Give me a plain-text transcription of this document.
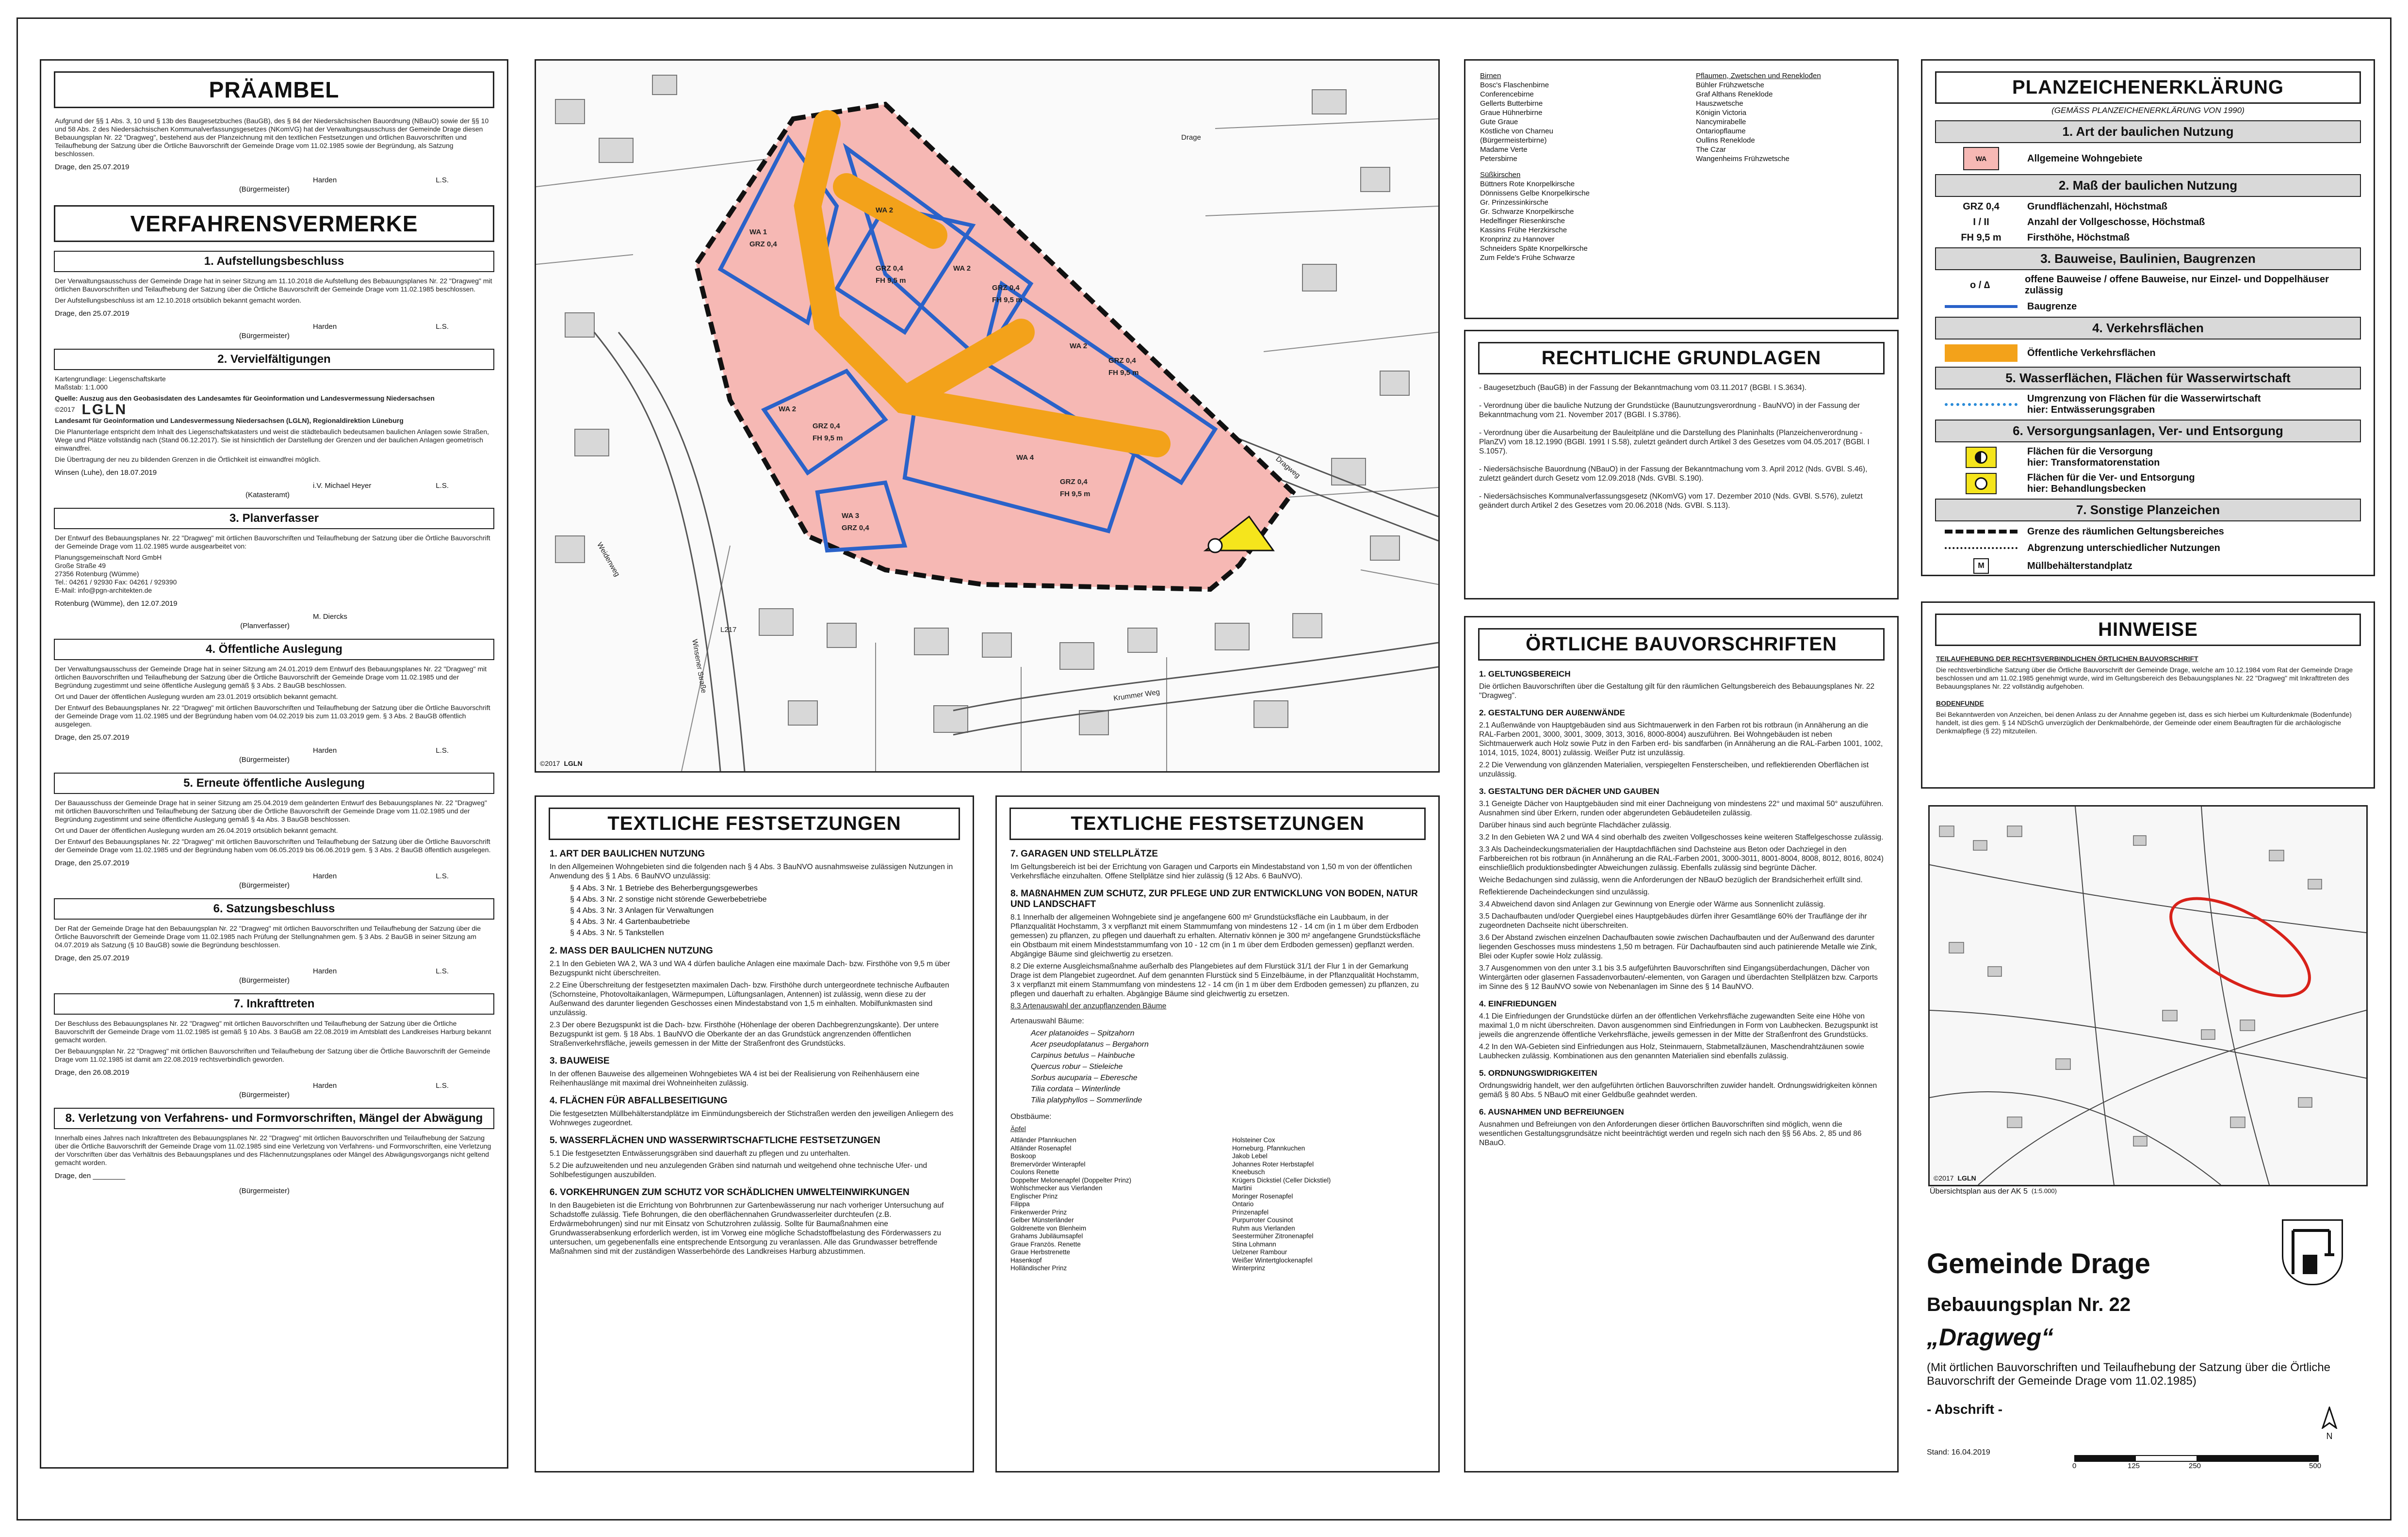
PRÄAMBEL
Aufgrund der §§ 1 Abs. 3, 10 und § 13b des Baugesetzbuches (BauGB), des § 84 der Niedersächsischen Bauordnung (NBauO) sowie der §§ 10 und 58 Abs. 2 des Niedersächsischen Kommunalverfassungsgesetzes (NKomVG) hat der Verwaltungsausschuss der Gemeinde Drage diesen Bebauungsplan Nr. 22 "Dragweg", bestehend aus der Planzeichnung mit den textlichen Festsetzungen und örtlichen Bauvorschriften und Teilaufhebung der Satzung über die Örtliche Bauvorschrift der Gemeinde Drage vom 11.02.1985 sowie der Begründung, als Satzung beschlossen.
Drage, den 25.07.2019
Harden	L.S.
(Bürgermeister)
VERFAHRENSVERMERKE
1. Aufstellungsbeschluss
Der Verwaltungsausschuss der Gemeinde Drage hat in seiner Sitzung am 11.10.2018 die Aufstellung des Bebauungsplanes Nr. 22 "Dragweg" mit örtlichen Bauvorschriften und Teilaufhebung der Satzung über die Örtliche Bauvorschrift der Gemeinde Drage vom 11.02.1985 beschlossen.
Der Aufstellungsbeschluss ist am 12.10.2018 ortsüblich bekannt gemacht worden.
Drage, den 25.07.2019
Harden	L.S.
(Bürgermeister)
2. Vervielfältigungen
Kartengrundlage: Liegenschaftskarte
Maßstab: 1:1.000
Quelle: Auszug aus den Geobasisdaten des Landesamtes für Geoinformation und Landesvermessung Niedersachsen
©2017 LGLN
Landesamt für Geoinformation und Landesvermessung Niedersachsen (LGLN), Regionaldirektion Lüneburg
Die Planunterlage entspricht dem Inhalt des Liegenschaftskatasters und weist die städtebaulich bedeutsamen baulichen Anlagen sowie Straßen, Wege und Plätze vollständig nach (Stand 06.12.2017). Sie ist hinsichtlich der Darstellung der Grenzen und der baulichen Anlagen geometrisch einwandfrei.
Die Übertragung der neu zu bildenden Grenzen in die Örtlichkeit ist einwandfrei möglich.
Winsen (Luhe), den 18.07.2019
i.V. Michael Heyer	L.S.
(Katasteramt)
3. Planverfasser
Der Entwurf des Bebauungsplanes Nr. 22 "Dragweg" mit örtlichen Bauvorschriften und Teilaufhebung der Satzung über die Örtliche Bauvorschrift der Gemeinde Drage vom 11.02.1985 wurde ausgearbeitet von:
Planungsgemeinschaft Nord GmbH
Große Straße 49
27356 Rotenburg (Wümme)
Tel.: 04261 / 92930 Fax: 04261 / 929390
E-Mail: info@pgn-architekten.de
Rotenburg (Wümme), den 12.07.2019
M. Diercks
(Planverfasser)
4. Öffentliche Auslegung
Der Verwaltungsausschuss der Gemeinde Drage hat in seiner Sitzung am 24.01.2019 dem Entwurf des Bebauungsplanes Nr. 22 "Dragweg" mit örtlichen Bauvorschriften und Teilaufhebung der Satzung über die Örtliche Bauvorschrift der Gemeinde Drage vom 11.02.1985 und der Begründung zugestimmt und seine öffentliche Auslegung gemäß § 3 Abs. 2 BauGB beschlossen.
Ort und Dauer der öffentlichen Auslegung wurden am 23.01.2019 ortsüblich bekannt gemacht.
Der Entwurf des Bebauungsplanes Nr. 22 "Dragweg" mit örtlichen Bauvorschriften und Teilaufhebung der Satzung über die Örtliche Bauvorschrift der Gemeinde Drage vom 11.02.1985 und der Begründung haben vom 04.02.2019 bis zum 11.03.2019 gem. § 3 Abs. 2 BauGB öffentlich ausgelegen.
Drage, den 25.07.2019
Harden	L.S.
(Bürgermeister)
5. Erneute öffentliche Auslegung
Der Bauausschuss der Gemeinde Drage hat in seiner Sitzung am 25.04.2019 dem geänderten Entwurf des Bebauungsplanes Nr. 22 "Dragweg" mit örtlichen Bauvorschriften und Teilaufhebung der Satzung über die Örtliche Bauvorschrift der Gemeinde Drage vom 11.02.1985 und der Begründung zugestimmt und seine öffentliche Auslegung gemäß § 4a Abs. 3 BauGB beschlossen.
Ort und Dauer der öffentlichen Auslegung wurden am 26.04.2019 ortsüblich bekannt gemacht.
Der Entwurf des Bebauungsplanes Nr. 22 "Dragweg" mit örtlichen Bauvorschriften und Teilaufhebung der Satzung über die Örtliche Bauvorschrift der Gemeinde Drage vom 11.02.1985 und der Begründung haben vom 06.05.2019 bis 06.06.2019 gem. § 3 Abs. 2 BauGB öffentlich ausgelegen.
Drage, den 25.07.2019
Harden	L.S.
(Bürgermeister)
6. Satzungsbeschluss
Der Rat der Gemeinde Drage hat den Bebauungsplan Nr. 22 "Dragweg" mit örtlichen Bauvorschriften und Teilaufhebung der Satzung über die Örtliche Bauvorschrift der Gemeinde Drage vom 11.02.1985 nach Prüfung der Stellungnahmen gem. § 3 Abs. 2 BauGB in seiner Sitzung am 04.07.2019 als Satzung (§ 10 BauGB) sowie die Begründung beschlossen.
Drage, den 25.07.2019
Harden	L.S.
(Bürgermeister)
7. Inkrafttreten
Der Beschluss des Bebauungsplanes Nr. 22 "Dragweg" mit örtlichen Bauvorschriften und Teilaufhebung der Satzung über die Örtliche Bauvorschrift der Gemeinde Drage vom 11.02.1985 ist gemäß § 10 Abs. 3 BauGB am 22.08.2019 im Amtsblatt des Landkreises Harburg bekannt gemacht worden.
Der Bebauungsplan Nr. 22 "Dragweg" mit örtlichen Bauvorschriften und Teilaufhebung der Satzung über die Örtliche Bauvorschrift der Gemeinde Drage vom 11.02.1985 ist damit am 22.08.2019 rechtsverbindlich geworden.
Drage, den 26.08.2019
Harden	L.S.
(Bürgermeister)
8. Verletzung von Verfahrens- und Formvorschriften, Mängel der Abwägung
Innerhalb eines Jahres nach Inkrafttreten des Bebauungsplanes Nr. 22 "Dragweg" mit örtlichen Bauvorschriften und Teilaufhebung der Satzung über die Örtliche Bauvorschrift der Gemeinde Drage vom 11.02.1985 sind eine Verletzung von Verfahrens- und Formvorschriften, eine Verletzung der Vorschriften über das Verhältnis des Bebauungsplanes und des Flächennutzungsplanes oder Mängel des Abwägungsvorgangs nicht geltend gemacht worden.
Drage, den ________
(Bürgermeister)
Drage
Dragweg
Winsener Straße
Krummer Weg
L217
Weidenweg
WA 1
GRZ 0,4
WA 2
GRZ 0,4
FH 9,5 m
WA 2
GRZ 0,4
FH 9,5 m
WA 2
GRZ 0,4
FH 9,5 m
WA 2
GRZ 0,4
FH 9,5 m
WA 4
GRZ 0,4
FH 9,5 m
WA 3
GRZ 0,4
©2017 LGLN
Birnen
Bosc's Flaschenbirne
Conferencebirne
Gellerts Butterbirne
Graue Hühnerbirne
Gute Graue
Köstliche von Charneu
(Bürgermeisterbirne)
Madame Verte
Petersbirne
Süßkirschen
Büttners Rote Knorpelkirsche
Dönnissens Gelbe Knorpelkirsche
Gr. Prinzessinkirsche
Gr. Schwarze Knorpelkirsche
Hedelfinger Riesenkirsche
Kassins Frühe Herzkirsche
Kronprinz zu Hannover
Schneiders Späte Knorpelkirsche
Zum Felde's Frühe Schwarze
Pflaumen, Zwetschen und Reneklođen
Bühler Frühzwetsche
Graf Althans Reneklode
Hauszwetsche
Königin Victoria
Nancymirabelle
Ontariopflaume
Oullins Reneklode
The Czar
Wangenheims Frühzwetsche
RECHTLICHE GRUNDLAGEN
- Baugesetzbuch (BauGB) in der Fassung der Bekanntmachung vom 03.11.2017 (BGBl. I S.3634).
- Verordnung über die bauliche Nutzung der Grundstücke (Baunutzungsverordnung - BauNVO) in der Fassung der Bekanntmachung vom 21. November 2017 (BGBl. I S.3786).
- Verordnung über die Ausarbeitung der Bauleitpläne und die Darstellung des Planinhalts (Planzeichenverordnung - PlanZV) vom 18.12.1990 (BGBl. 1991 I S.58), zuletzt geändert durch Artikel 3 des Gesetzes vom 04.05.2017 (BGBl. I S.1057).
- Niedersächsische Bauordnung (NBauO) in der Fassung der Bekanntmachung vom 3. April 2012 (Nds. GVBl. S.46), zuletzt geändert durch Gesetz vom 12.09.2018 (Nds. GVBl. S.190).
- Niedersächsisches Kommunalverfassungsgesetz (NKomVG) vom 17. Dezember 2010 (Nds. GVBl. S.576), zuletzt geändert durch Artikel 2 des Gesetzes vom 20.06.2018 (Nds. GVBl. S.113).
PLANZEICHENERKLÄRUNG
(GEMÄSS PLANZEICHENERKLÄRUNG VON 1990)
1. Art der baulichen Nutzung
WA	Allgemeine Wohngebiete
2. Maß der baulichen Nutzung
GRZ 0,4	Grundflächenzahl, Höchstmaß
I / II	Anzahl der Vollgeschosse, Höchstmaß
FH 9,5 m	Firsthöhe, Höchstmaß
3. Bauweise, Baulinien, Baugrenzen
o / ∆
offene Bauweise / offene Bauweise, nur Einzel- und Doppelhäuser zulässig
Baugrenze
4. Verkehrsflächen
Öffentliche Verkehrsflächen
5. Wasserflächen, Flächen für Wasserwirtschaft
Umgrenzung von Flächen für die Wasserwirtschaft
hier: Entwässerungsgraben
6. Versorgungsanlagen, Ver- und Entsorgung
Flächen für die Versorgung
hier: Transformatorenstation
Flächen für die Ver- und Entsorgung
hier: Behandlungsbecken
7. Sonstige Planzeichen
Grenze des räumlichen Geltungsbereiches
Abgrenzung unterschiedlicher Nutzungen
M	Müllbehälterstandplatz
HINWEISE
TEILAUFHEBUNG DER RECHTSVERBINDLICHEN ÖRTLICHEN BAUVORSCHRIFT
Die rechtsverbindliche Satzung über die Örtliche Bauvorschrift der Gemeinde Drage, welche am 10.12.1984 vom Rat der Gemeinde Drage beschlossen und am 11.02.1985 genehmigt wurde, wird im Geltungsbereich des Bebauungsplanes Nr. 22 "Dragweg" mit Inkrafttreten des Bebauungsplanes Nr. 22 vollständig aufgehoben.
BODENFUNDE
Bei Bekanntwerden von Anzeichen, bei denen Anlass zu der Annahme gegeben ist, dass es sich hierbei um Kulturdenkmale (Bodenfunde) handelt, ist dies gem. § 14 NDSchG unverzüglich der Denkmalbehörde, der Gemeinde oder einem Beauftragten für die archäologische Denkmalpflege (§ 22) mitzuteilen.
TEXTLICHE FESTSETZUNGEN
1. ART DER BAULICHEN NUTZUNG
In den Allgemeinen Wohngebieten sind die folgenden nach § 4 Abs. 3 BauNVO ausnahmsweise zulässigen Nutzungen in Anwendung des § 1 Abs. 6 BauNVO unzulässig:
§ 4 Abs. 3 Nr. 1 Betriebe des Beherbergungsgewerbes
§ 4 Abs. 3 Nr. 2 sonstige nicht störende Gewerbebetriebe
§ 4 Abs. 3 Nr. 3 Anlagen für Verwaltungen
§ 4 Abs. 3 Nr. 4 Gartenbaubetriebe
§ 4 Abs. 3 Nr. 5 Tankstellen
2. MASS DER BAULICHEN NUTZUNG
2.1 In den Gebieten WA 2, WA 3 und WA 4 dürfen bauliche Anlagen eine maximale Dach- bzw. Firsthöhe von 9,5 m über Bezugspunkt nicht überschreiten.
2.2 Eine Überschreitung der festgesetzten maximalen Dach- bzw. Firsthöhe durch untergeordnete technische Aufbauten (Schornsteine, Photovoltaikanlagen, Wärmepumpen, Lüftungsanlagen, Antennen) ist zulässig, wenn diese zu der Außenwand des darunter liegenden Geschosses einen Mindestabstand von 1,5 m einhalten. Mobilfunkmasten sind unzulässig.
2.3 Der obere Bezugspunkt ist die Dach- bzw. Firsthöhe (Höhenlage der oberen Dachbegrenzungskante). Der untere Bezugspunkt ist gem. § 18 Abs. 1 BauNVO die Oberkante der an das Grundstück angrenzenden öffentlichen Straßenverkehrsfläche, jeweils gemessen in der Mitte der Straßenfront des Grundstücks.
3. BAUWEISE
In der offenen Bauweise des allgemeinen Wohngebietes WA 4 ist bei der Realisierung von Reihenhäusern eine Reihenhauslänge mit maximal drei Wohneinheiten zulässig.
4. FLÄCHEN FÜR ABFALLBESEITIGUNG
Die festgesetzten Müllbehälterstandplätze im Einmündungsbereich der Stichstraßen werden den jeweiligen Anliegern des Wohnweges zugeordnet.
5. WASSERFLÄCHEN UND WASSERWIRTSCHAFTLICHE FESTSETZUNGEN
5.1 Die festgesetzten Entwässerungsgräben sind dauerhaft zu pflegen und zu unterhalten.
5.2 Die aufzuweitenden und neu anzulegenden Gräben sind naturnah und weitgehend ohne technische Ufer- und Sohlbefestigungen auszubilden.
6. VORKEHRUNGEN ZUM SCHUTZ VOR SCHÄDLICHEN UMWELTEINWIRKUNGEN
In den Baugebieten ist die Errichtung von Bohrbrunnen zur Gartenbewässerung nur nach vorheriger Untersuchung auf Schadstoffe zulässig. Tiefe Bohrungen, die den oberflächennahen Grundwasserleiter durchteufen (z.B. Erdwärmebohrungen) sind nur mit Einsatz von Schutzrohren zulässig. Sollte für Baumaßnahmen eine Grundwasserabsenkung erforderlich werden, ist im Vorweg eine mögliche Schadstoffbelastung des Förderwassers zu untersuchen, um gegebenenfalls eine entsprechende Entsorgung zu veranlassen. Alle das Grundwasser betreffende Maßnahmen sind mit der zuständigen Wasserbehörde des Landkreises Harburg abzustimmen.
TEXTLICHE FESTSETZUNGEN
7. GARAGEN UND STELLPLÄTZE
Im Geltungsbereich ist bei der Errichtung von Garagen und Carports ein Mindestabstand von 1,50 m von der öffentlichen Verkehrsfläche einzuhalten. Offene Stellplätze sind hier zulässig (§ 12 Abs. 6 BauNVO).
8. MAßNAHMEN ZUM SCHUTZ, ZUR PFLEGE UND ZUR ENTWICKLUNG VON BODEN, NATUR UND LANDSCHAFT
8.1 Innerhalb der allgemeinen Wohngebiete sind je angefangene 600 m² Grundstücksfläche ein Laubbaum, in der Pflanzqualität Hochstamm, 3 x verpflanzt mit einem Stammumfang von mindestens 12 - 14 cm (in 1 m über dem Erdboden gemessen) zu pflanzen, zu pflegen und dauerhaft zu erhalten. Alternativ können je 300 m² angefangene Grundstücksfläche ein Obstbaum mit einem Mindeststammumfang von 10 - 12 cm (in 1 m über dem Erdboden gemessen) gepflanzt werden. Abgängige Bäume sind gleichwertig zu ersetzen.
8.2 Die externe Ausgleichsmaßnahme außerhalb des Plangebietes auf dem Flurstück 31/1 der Flur 1 in der Gemarkung Drage ist dem Plangebiet zugeordnet. Auf dem genannten Flurstück sind 5 Einzelbäume, in der Pflanzqualität Hochstamm, 3 x verpflanzt mit einem Stammumfang von mindestens 12 - 14 cm (in 1 m über dem Erdboden gemessen) zu pflanzen, zu pflegen und dauerhaft zu erhalten. Abgängige Bäume sind gleichwertig zu ersetzen.
8.3 Artenauswahl der anzupflanzenden Bäume
Artenauswahl Bäume:
Acer platanoides – Spitzahorn
Acer pseudoplatanus – Bergahorn
Carpinus betulus – Hainbuche
Quercus robur – Stieleiche
Sorbus aucuparia – Eberesche
Tilia cordata – Winterlinde
Tilia platyphyllos – Sommerlinde
Obstbäume:
Äpfel
Altländer Pfannkuchen
Altländer Rosenapfel
Boskoop
Bremervörder Winterapfel
Coulons Renette
Doppelter Melonenapfel (Doppelter Prinz)
Wohlschmecker aus Vierlanden
Englischer Prinz
Filippa
Finkenwerder Prinz
Gelber Münsterländer
Goldrenette von Blenheim
Grahams Jubiläumsapfel
Graue Französ. Renette
Graue Herbstrenette
Hasenkopf
Holländischer Prinz
Holsteiner Cox
Horneburg. Pfannkuchen
Jakob Lebel
Johannes Roter Herbstapfel
Kneebusch
Krügers Dickstiel (Celler Dickstiel)
Martini
Moringer Rosenapfel
Ontario
Prinzenapfel
Purpurroter Cousinot
Ruhm aus Vierlanden
Seestermüher Zitronenapfel
Stina Lohmann
Uelzener Rambour
Weißer Wintertglockenapfel
Winterprinz
ÖRTLICHE BAUVORSCHRIFTEN
1. GELTUNGSBEREICH
Die örtlichen Bauvorschriften über die Gestaltung gilt für den räumlichen Geltungsbereich des Bebauungsplanes Nr. 22 "Dragweg".
2. GESTALTUNG DER AUßENWÄNDE
2.1 Außenwände von Hauptgebäuden sind aus Sichtmauerwerk in den Farben rot bis rotbraun (in Annäherung an die RAL-Farben 2001, 3000, 3001, 3009, 3013, 3016, 8000-8004) auszuführen. Bei Wohngebäuden ist neben Sichtmauerwerk auch Holz sowie Putz in den Farben erd- bis sandfarben (in Annäherung an die RAL-Farben 1001, 1002, 1014, 1015, 1024, 8001) zulässig. Weißer Putz ist unzulässig.
2.2 Die Verwendung von glänzenden Materialien, verspiegelten Fensterscheiben, und reflektierenden Oberflächen ist unzulässig.
3. GESTALTUNG DER DÄCHER UND GAUBEN
3.1 Geneigte Dächer von Hauptgebäuden sind mit einer Dachneigung von mindestens 22° und maximal 50° auszuführen. Ausnahmen sind über Erkern, runden oder abgerundeten Gebäudeteilen zulässig.
Darüber hinaus sind auch begrünte Flachdächer zulässig.
3.2 In den Gebieten WA 2 und WA 4 sind oberhalb des zweiten Vollgeschosses keine weiteren Staffelgeschosse zulässig.
3.3 Als Dacheindeckungsmaterialien der Hauptdachflächen sind Dachsteine aus Beton oder Dachziegel in den Farbbereichen rot bis rotbraun (in Annäherung an die RAL-Farben 2001, 3000-3011, 8001-8004, 8008, 8012, 8016, 8024) einschließlich produktionsbedingter Abweichungen zulässig. Ebenfalls zulässig sind begrünte Dächer.
Weiche Bedachungen sind zulässig, wenn die Anforderungen der NBauO bezüglich der Brandsicherheit erfüllt sind.
Reflektierende Dacheindeckungen sind unzulässig.
3.4 Abweichend davon sind Anlagen zur Gewinnung von Energie oder Wärme aus Sonnenlicht zulässig.
3.5 Dachaufbauten und/oder Quergiebel eines Hauptgebäudes dürfen ihrer Gesamtlänge 60% der Trauflänge der ihr zugeordneten Dachseite nicht überschreiten.
3.6 Der Abstand zwischen einzelnen Dachaufbauten sowie zwischen Dachaufbauten und der Außenwand des darunter liegenden Geschosses muss mindestens 1,50 m betragen. Für Dachaufbauten sind auch patinierende Metalle wie Zink, Blei oder Kupfer sowie Holz zulässig.
3.7 Ausgenommen von den unter 3.1 bis 3.5 aufgeführten Bauvorschriften sind Eingangsüberdachungen, Dächer von Wintergärten oder glasernen Fassadenvorbauten/-elementen, von Garagen und überdachten Stellplätzen bzw. Carports im Sinne des § 12 BauNVO sowie von Nebenanlagen im Sinne des § 14 BauNVO.
4. EINFRIEDUNGEN
4.1 Die Einfriedungen der Grundstücke dürfen an der öffentlichen Verkehrsfläche zugewandten Seite eine Höhe von maximal 1,0 m nicht überschreiten. Davon ausgenommen sind Einfriedungen in Form von Laubhecken. Bezugspunkt ist jeweils die angrenzende öffentliche Verkehrsfläche, jeweils gemessen in der Mitte der Straßenfront des Grundstücks.
4.2 In den WA-Gebieten sind Einfriedungen aus Holz, Steinmauern, Stabmetallzäunen, Maschendrahtzäunen sowie Laubhecken zulässig. Kombinationen aus den genannten Materialien sind ebenfalls zulässig.
5. ORDNUNGSWIDRIGKEITEN
Ordnungswidrig handelt, wer den aufgeführten örtlichen Bauvorschriften zuwider handelt. Ordnungswidrigkeiten können gemäß § 80 Abs. 5 NBauO mit einer Geldbuße geahndet werden.
6. AUSNAHMEN UND BEFREIUNGEN
Ausnahmen und Befreiungen von den Anforderungen dieser örtlichen Bauvorschriften sind möglich, wenn die wesentlichen Gestaltungsgrundsätze nicht beeinträchtigt werden und regeln sich nach den §§ 56 Abs. 2, 85 und 86 NBauO.
©2017 LGLN
Übersichtsplan aus der AK 5 (1:5.000)
Gemeinde Drage
Bebauungsplan Nr. 22
„Dragweg“
(Mit örtlichen Bauvorschriften und Teilaufhebung der Satzung über die Örtliche Bauvorschrift der Gemeinde Drage vom 11.02.1985)
- Abschrift -
Stand: 16.04.2019
N
0	125	250	500
